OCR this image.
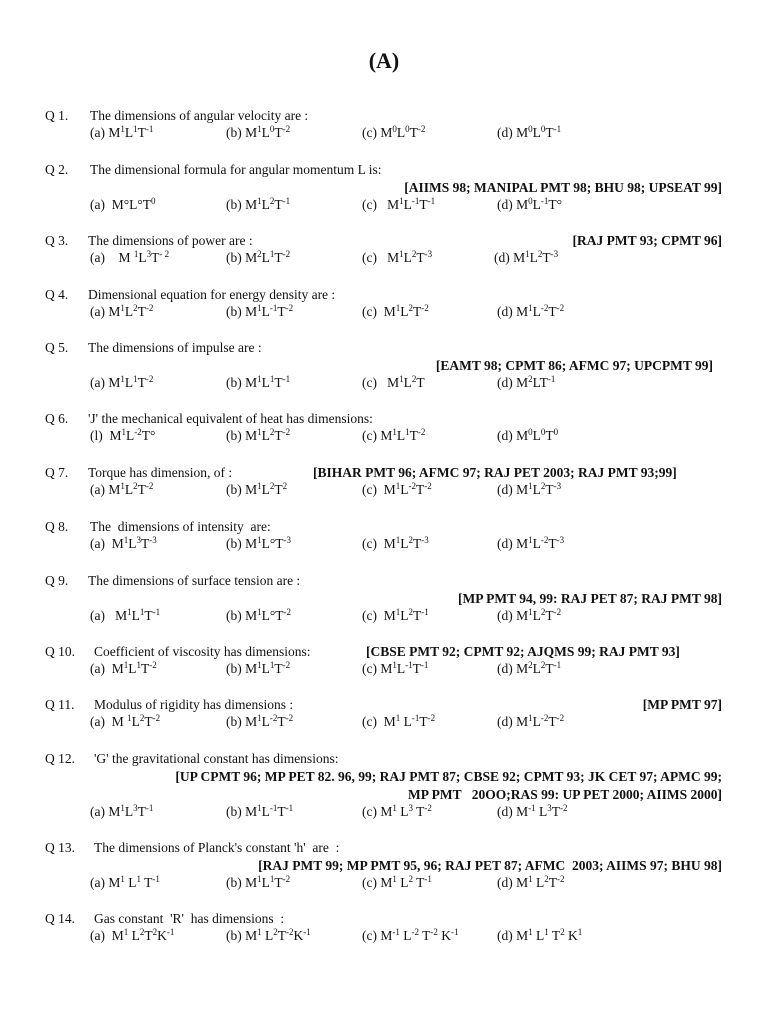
(A)
Q 1. The dimensions of angular velocity are :
(a) $M^1L^1T^{-1}$	(b) $M^1L^0T^{-2}$	(c) $M^0L^0T^{-2}$	(d) $M^0L^0T^{-1}$
Q 2. The dimensional formula for angular momentum L is:
[AIIMS 98; MANIPAL PMT 98; BHU 98; UPSEAT 99]
(a)  $M^\circ L^\circ T^0$	(b) $M^1L^2T^{-1}$	(c)   $M^1L^{-1}T^{-1}$	(d) $M^0L^{-1}T^\circ$
Q 3. The dimensions of power are :	[RAJ PMT 93; CPMT 96]
(a)    M $^1L^3T^{- 2}$	(b) $M^2L^1T^{-2}$	(c)   $M^1L^2T^{-3}$	(d) $M^1L^2T^{-3}$
Q 4. Dimensional equation for energy density are :
(a) $M^1L^2T^{-2}$	(b) $M^1L^{-1}T^{-2}$	(c)  $M^1L^2T^{-2}$	(d) $M^1L^{-2}T^{-2}$
Q 5. The dimensions of impulse are :
[EAMT 98; CPMT 86; AFMC 97; UPCPMT 99]
(a) $M^1L^1T^{-2}$	(b) $M^1L^1T^{-1}$	(c)   $M^1L^2T$	(d) $M^2LT^{-1}$
Q 6. 'J' the mechanical equivalent of heat has dimensions:
(l)  $M^1L^{-2}T^\circ$	(b) $M^1L^2T^{-2}$	(c) $M^1L^1T^{-2}$	(d) $M^0L^0T^0$
Q 7. Torque has dimension, of :	[BIHAR PMT 96; AFMC 97; RAJ PET 2003; RAJ PMT 93;99]
(a) $M^1L^2T^{-2}$	(b) $M^1L^2T^2$	(c)  $M^1L^{-2}T^{-2}$	(d) $M^1L^2T^{-3}$
Q 8. The  dimensions of intensity  are:
(a)  $M^1L^3T^{-3}$	(b) $M^1L^\circ T^{-3}$	(c)  $M^1L^2T^{-3}$	(d) $M^1L^{-2}T^{-3}$
Q 9. The dimensions of surface tension are :
[MP PMT 94, 99: RAJ PET 87; RAJ PMT 98]
(a)   $M^1L^1T^{-1}$	(b) $M^1L^\circ T^{-2}$	(c)  $M^1L^2T^{-1}$	(d) $M^1L^2T^{-2}$
Q 10. Coefficient of viscosity has dimensions:	[CBSE PMT 92; CPMT 92; AJQMS 99; RAJ PMT 93]
(a)  $M^1L^1T^{-2}$	(b) $M^1L^1T^{-2}$	(c) $M^1L^{-1}T^{-1}$	(d) $M^2L^2T^{-1}$
Q 11. Modulus of rigidity has dimensions :	[MP PMT 97]
(a)  M $^1L^2T^{-2}$	(b) $M^1L^{-2}T^{-2}$	(c)  $M^1$ $L^{-1}T^{-2}$	(d) $M^1L^{-2}T^{-2}$
Q 12. 'G' the gravitational constant has dimensions:
[UP CPMT 96; MP PET 82. 96, 99; RAJ PMT 87; CBSE 92; CPMT 93; JK CET 97; APMC 99;
MP PMT   20OO;RAS 99: UP PET 2000; AIIMS 2000]
(a) $M^1L^3T^{-1}$	(b) $M^1L^{-1}T^{-1}$	(c) $M^1$ $L^3$ $T^{-2}$	(d) $M^{-1}$ $L^3T^{-2}$
Q 13. The dimensions of Planck's constant 'h'  are  :
[RAJ PMT 99; MP PMT 95, 96; RAJ PET 87; AFMC  2003; AIIMS 97; BHU 98]
(a) $M^1$ $L^1$ $T^{-1}$	(b) $M^1L^1T^{-2}$	(c) $M^1$ $L^2$ $T^{-1}$	(d) $M^1$ $L^2T^{-2}$
Q 14. Gas constant  'R'  has dimensions  :
(a)  $M^1$ $L^2T^2K^{-1}$	(b) $M^1$ $L^2T^{-2}K^{-1}$	(c) $M^{-1}$ $L^{-2}$ $T^{-2}$ $K^{-1}$	(d) $M^1$ $L^1$ $T^2$ $K^1$
